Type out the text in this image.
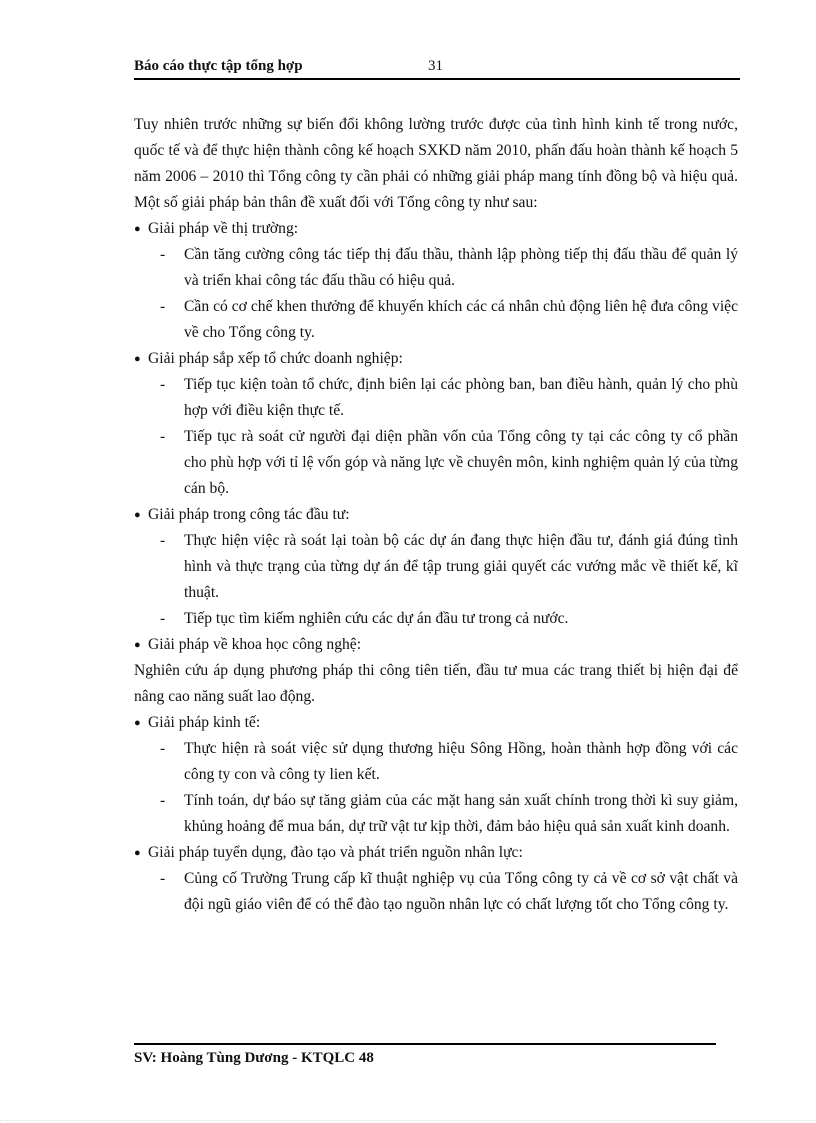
Báo cáo thực tập tổng hợp	31

Tuy nhiên trước những sự biến đổi không lường trước được của tình hình kinh tế trong nước, quốc tế và để thực hiện thành công kế hoạch SXKD năm 2010, phấn đấu hoàn thành kế hoạch 5 năm 2006 – 2010 thì Tổng công ty cần phải có những giải pháp mang tính đồng bộ và hiệu quả. Một số giải pháp bản thân đề xuất đối với Tổng công ty như sau:

● Giải pháp về thị trường:
-	Cần tăng cường công tác tiếp thị đấu thầu, thành lập phòng tiếp thị đấu thầu để quản lý và triển khai công tác đấu thầu có hiệu quả.
-	Cần có cơ chế khen thưởng để khuyến khích các cá nhân chủ động liên hệ đưa công việc về cho Tổng công ty.
● Giải pháp sắp xếp tổ chức doanh nghiệp:
-	Tiếp tục kiện toàn tổ chức, định biên lại các phòng ban, ban điều hành, quản lý cho phù hợp với điều kiện thực tế.
-	Tiếp tục rà soát cử người đại diện phần vốn của Tổng công ty tại các công ty cổ phần cho phù hợp với tỉ lệ vốn góp và năng lực về chuyên môn, kinh nghiệm quản lý của từng cán bộ.
● Giải pháp trong công tác đầu tư:
-	Thực hiện việc rà soát lại toàn bộ các dự án đang thực hiện đầu tư, đánh giá đúng tình hình và thực trạng của từng dự án để tập trung giải quyết các vướng mắc về thiết kế, kĩ thuật.
-	Tiếp tục tìm kiếm nghiên cứu các dự án đầu tư trong cả nước.
● Giải pháp về khoa học công nghệ:

Nghiên cứu áp dụng phương pháp thi công tiên tiến, đầu tư mua các trang thiết bị hiện đại để nâng cao năng suất lao động.

● Giải pháp kinh tế:
-	Thực hiện rà soát việc sử dụng thương hiệu Sông Hồng, hoàn thành hợp đồng với các công ty con và công ty lien kết.
-	Tính toán, dự báo sự tăng giảm của các mặt hang sản xuất chính trong thời kì suy giảm, khủng hoảng để mua bán, dự trữ vật tư kịp thời, đảm bảo hiệu quả sản xuất kinh doanh.
● Giải pháp tuyển dụng, đào tạo và phát triển nguồn nhân lực:
-	Củng cố Trường Trung cấp kĩ thuật nghiệp vụ của Tổng công ty cả về cơ sở vật chất và đội ngũ giáo viên để có thể đào tạo nguồn nhân lực có chất lượng tốt cho Tổng công ty.
SV: Hoàng Tùng Dương - KTQLC 48
